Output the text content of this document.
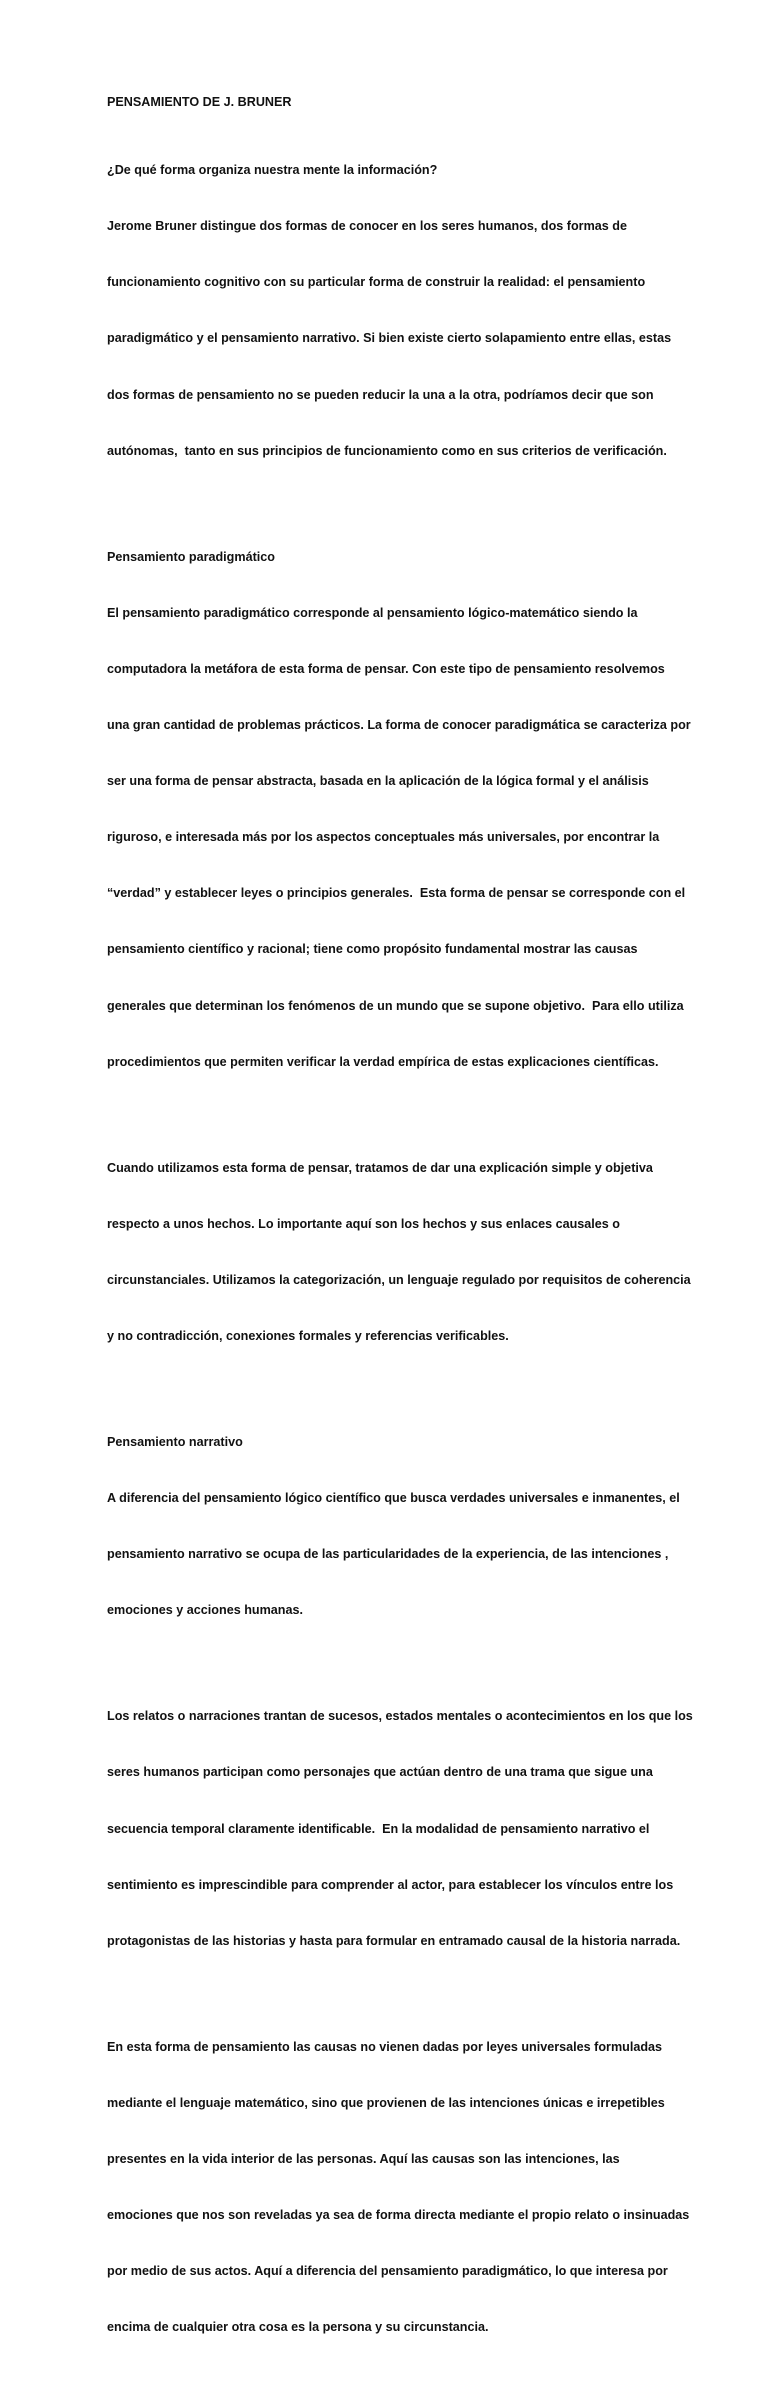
PENSAMIENTO DE J. BRUNER

¿De qué forma organiza nuestra mente la información?

Jerome Bruner distingue dos formas de conocer en los seres humanos, dos formas de

funcionamiento cognitivo con su particular forma de construir la realidad: el pensamiento

paradigmático y el pensamiento narrativo. Si bien existe cierto solapamiento entre ellas, estas

dos formas de pensamiento no se pueden reducir la una a la otra, podríamos decir que son

autónomas,  tanto en sus principios de funcionamiento como en sus criterios de verificación.

Pensamiento paradigmático

El pensamiento paradigmático corresponde al pensamiento lógico-matemático siendo la

computadora la metáfora de esta forma de pensar. Con este tipo de pensamiento resolvemos

una gran cantidad de problemas prácticos. La forma de conocer paradigmática se caracteriza por

ser una forma de pensar abstracta, basada en la aplicación de la lógica formal y el análisis

riguroso, e interesada más por los aspectos conceptuales más universales, por encontrar la

“verdad” y establecer leyes o principios generales.  Esta forma de pensar se corresponde con el

pensamiento científico y racional; tiene como propósito fundamental mostrar las causas

generales que determinan los fenómenos de un mundo que se supone objetivo.  Para ello utiliza

procedimientos que permiten verificar la verdad empírica de estas explicaciones científicas.

Cuando utilizamos esta forma de pensar, tratamos de dar una explicación simple y objetiva

respecto a unos hechos. Lo importante aquí son los hechos y sus enlaces causales o

circunstanciales. Utilizamos la categorización, un lenguaje regulado por requisitos de coherencia

y no contradicción, conexiones formales y referencias verificables.

Pensamiento narrativo

A diferencia del pensamiento lógico científico que busca verdades universales e inmanentes, el

pensamiento narrativo se ocupa de las particularidades de la experiencia, de las intenciones ,

emociones y acciones humanas.

Los relatos o narraciones trantan de sucesos, estados mentales o acontecimientos en los que los

seres humanos participan como personajes que actúan dentro de una trama que sigue una

secuencia temporal claramente identificable.  En la modalidad de pensamiento narrativo el

sentimiento es imprescindible para comprender al actor, para establecer los vínculos entre los

protagonistas de las historias y hasta para formular en entramado causal de la historia narrada.

En esta forma de pensamiento las causas no vienen dadas por leyes universales formuladas

mediante el lenguaje matemático, sino que provienen de las intenciones únicas e irrepetibles

presentes en la vida interior de las personas. Aquí las causas son las intenciones, las

emociones que nos son reveladas ya sea de forma directa mediante el propio relato o insinuadas

por medio de sus actos. Aquí a diferencia del pensamiento paradigmático, lo que interesa por

encima de cualquier otra cosa es la persona y su circunstancia.
